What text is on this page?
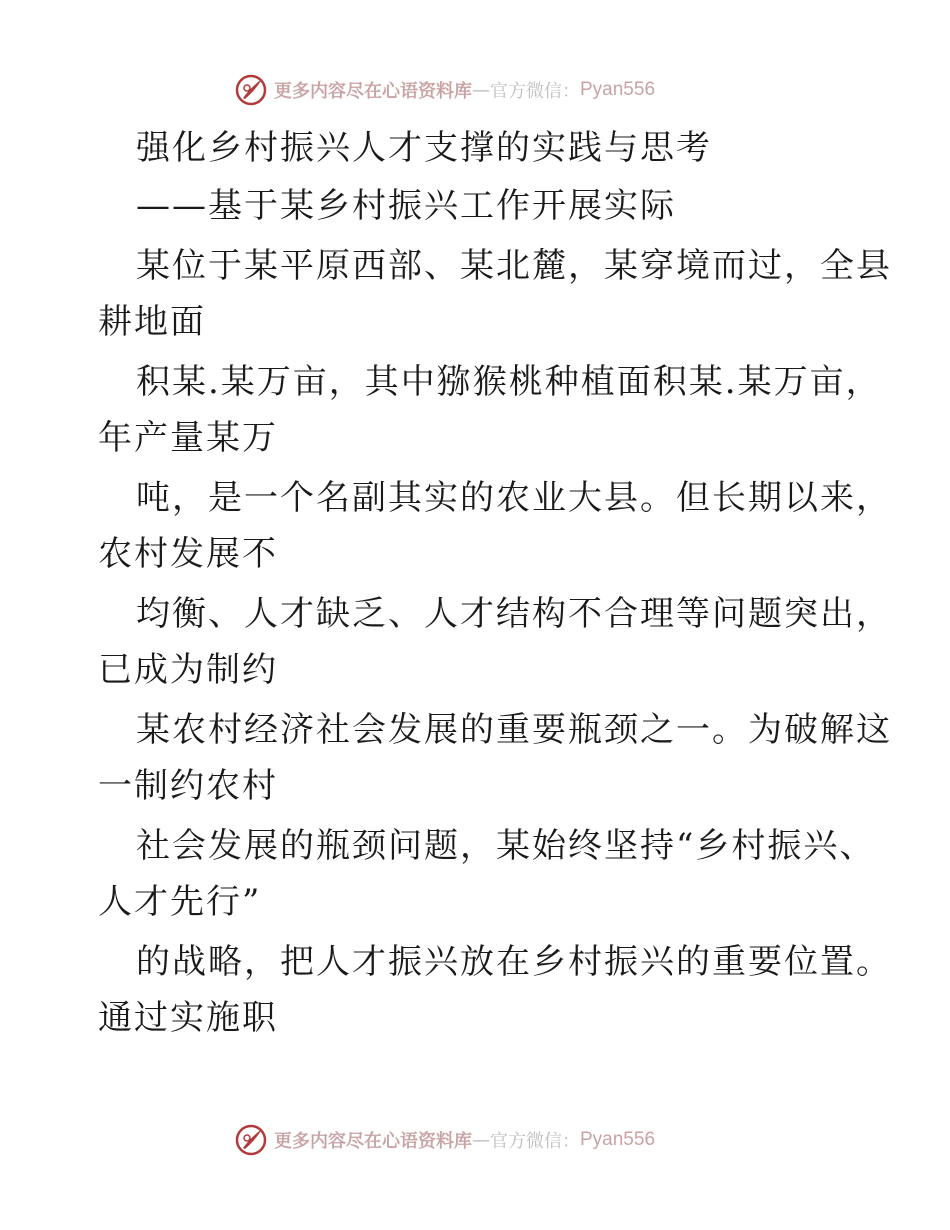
更多内容尽在心语资料库 — 官方微信： Pyan556
强化乡村振兴人才支撑的实践与思考
——基于某乡村振兴工作开展实际
某位于某平原西部、某北麓，某穿境而过，全县
耕地面
积某.某万亩，其中猕猴桃种植面积某.某万亩，
年产量某万
吨，是一个名副其实的农业大县。但长期以来，
农村发展不
均衡、人才缺乏、人才结构不合理等问题突出，
已成为制约
某农村经济社会发展的重要瓶颈之一。为破解这
一制约农村
社会发展的瓶颈问题，某始终坚持“乡村振兴、
人才先行”
的战略，把人才振兴放在乡村振兴的重要位置。
通过实施职
更多内容尽在心语资料库 — 官方微信： Pyan556
